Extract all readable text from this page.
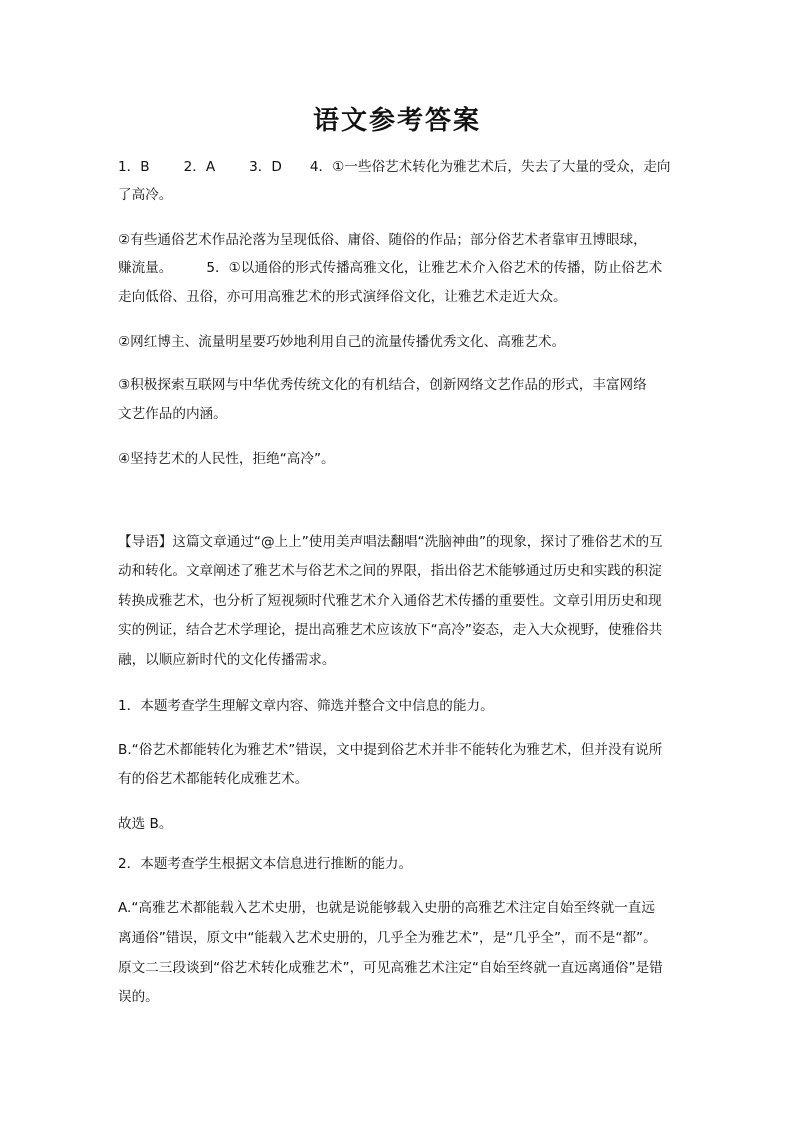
语文参考答案
1．B	2．A	3．D 4．①一些俗艺术转化为雅艺术后，失去了大量的受众，走向
了高冷。
②有些通俗艺术作品沦落为呈现低俗、庸俗、随俗的作品；部分俗艺术者靠审丑博眼球，
赚流量。	5．①以通俗的形式传播高雅文化，让雅艺术介入俗艺术的传播，防止俗艺术
走向低俗、丑俗，亦可用高雅艺术的形式演绎俗文化，让雅艺术走近大众。
②网红博主、流量明星要巧妙地利用自己的流量传播优秀文化、高雅艺术。
③积极探索互联网与中华优秀传统文化的有机结合，创新网络文艺作品的形式，丰富网络
文艺作品的内涵。
④坚持艺术的人民性，拒绝“高冷”。
【导语】这篇文章通过“@上上”使用美声唱法翻唱“洗脑神曲”的现象，探讨了雅俗艺术的互
动和转化。文章阐述了雅艺术与俗艺术之间的界限，指出俗艺术能够通过历史和实践的积淀
转换成雅艺术，也分析了短视频时代雅艺术介入通俗艺术传播的重要性。文章引用历史和现
实的例证，结合艺术学理论，提出高雅艺术应该放下“高冷”姿态，走入大众视野，使雅俗共
融，以顺应新时代的文化传播需求。
1．本题考查学生理解文章内容、筛选并整合文中信息的能力。
B.“俗艺术都能转化为雅艺术”错误，文中提到俗艺术并非不能转化为雅艺术，但并没有说所
有的俗艺术都能转化成雅艺术。
故选 B。
2．本题考查学生根据文本信息进行推断的能力。
A.“高雅艺术都能载入艺术史册，也就是说能够载入史册的高雅艺术注定自始至终就一直远
离通俗”错误，原文中“能载入艺术史册的，几乎全为雅艺术”，是“几乎全”，而不是“都”。
原文二三段谈到“俗艺术转化成雅艺术”，可见高雅艺术注定“自始至终就一直远离通俗”是错
误的。
